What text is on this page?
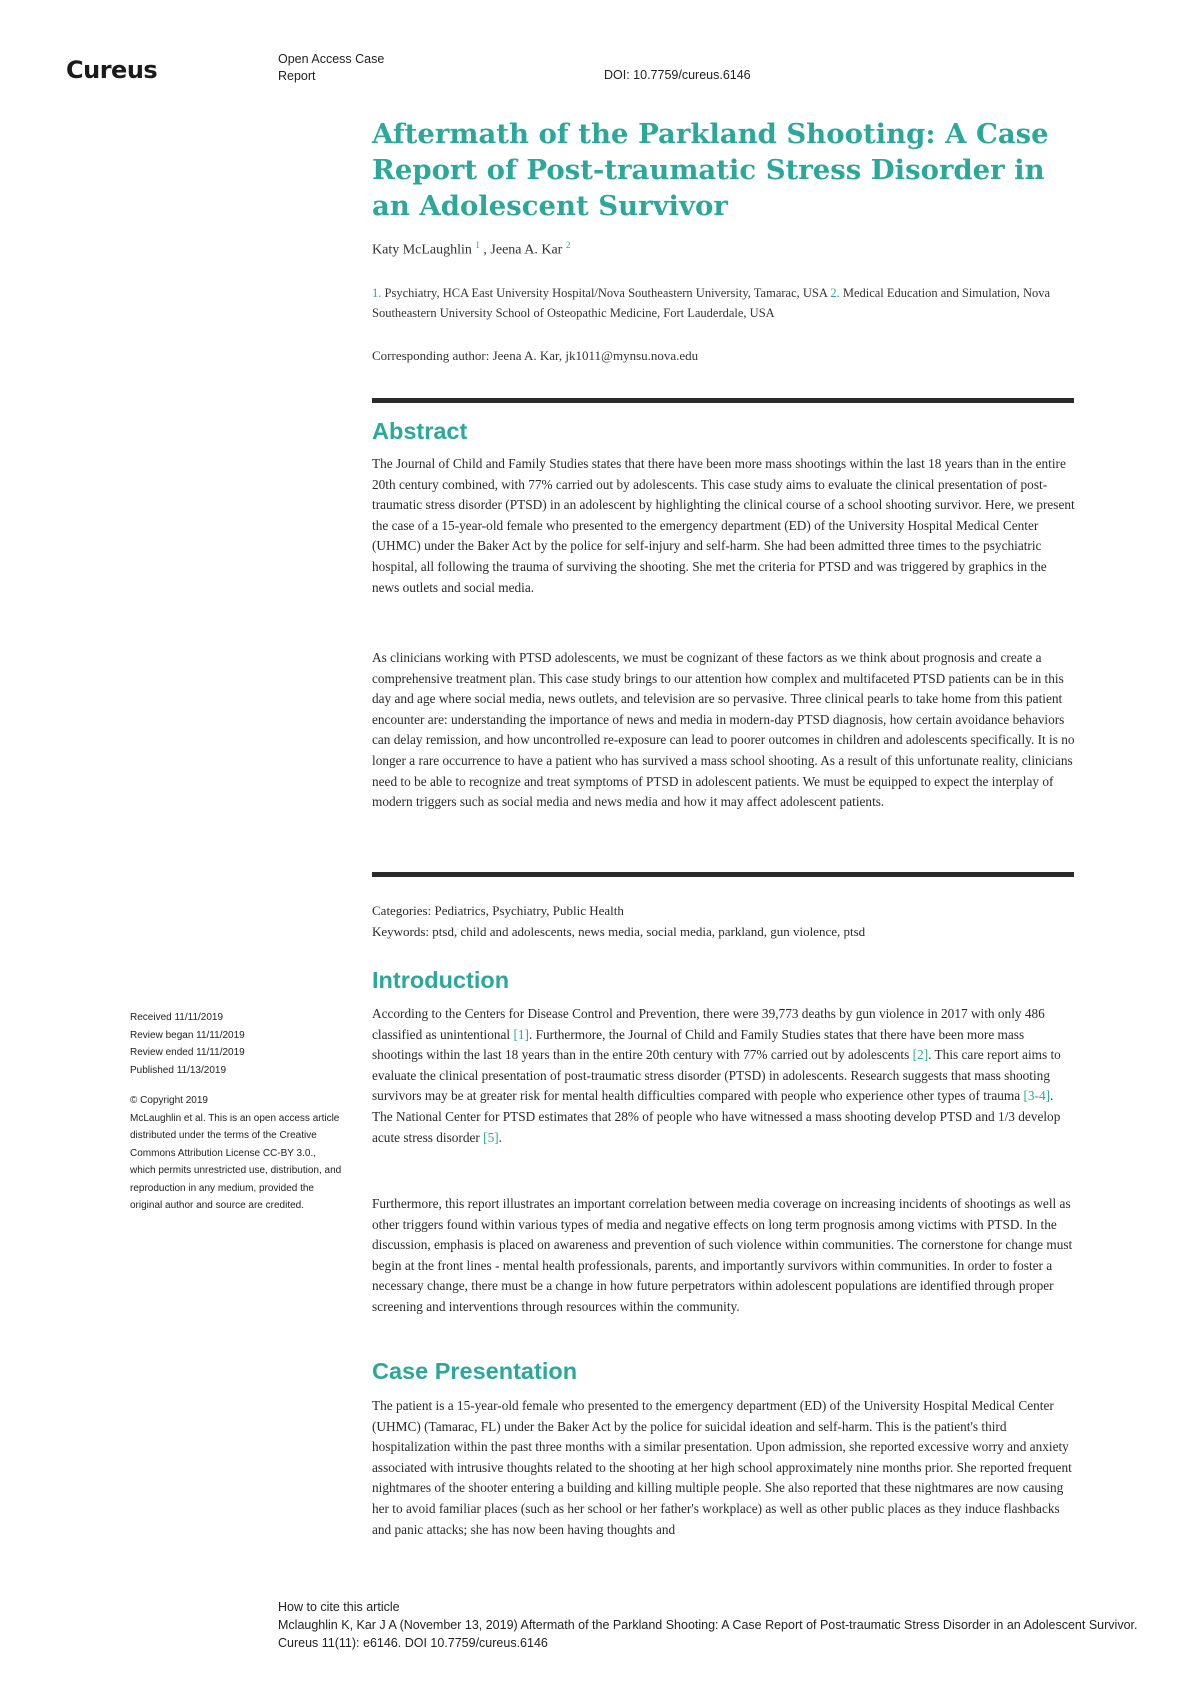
Cureus	Open Access Case Report	DOI: 10.7759/cureus.6146
Aftermath of the Parkland Shooting: A Case Report of Post-traumatic Stress Disorder in an Adolescent Survivor
Katy McLaughlin $^1$ , Jeena A. Kar $^2$
1. Psychiatry, HCA East University Hospital/Nova Southeastern University, Tamarac, USA 2. Medical Education and Simulation, Nova Southeastern University School of Osteopathic Medicine, Fort Lauderdale, USA
Corresponding author: Jeena A. Kar, jk1011@mynsu.nova.edu
Abstract

The Journal of Child and Family Studies states that there have been more mass shootings within the last 18 years than in the entire 20th century combined, with 77% carried out by adolescents. This case study aims to evaluate the clinical presentation of post-traumatic stress disorder (PTSD) in an adolescent by highlighting the clinical course of a school shooting survivor. Here, we present the case of a 15-year-old female who presented to the emergency department (ED) of the University Hospital Medical Center (UHMC) under the Baker Act by the police for self-injury and self-harm. She had been admitted three times to the psychiatric hospital, all following the trauma of surviving the shooting. She met the criteria for PTSD and was triggered by graphics in the news outlets and social media.

As clinicians working with PTSD adolescents, we must be cognizant of these factors as we think about prognosis and create a comprehensive treatment plan. This case study brings to our attention how complex and multifaceted PTSD patients can be in this day and age where social media, news outlets, and television are so pervasive. Three clinical pearls to take home from this patient encounter are: understanding the importance of news and media in modern-day PTSD diagnosis, how certain avoidance behaviors can delay remission, and how uncontrolled re-exposure can lead to poorer outcomes in children and adolescents specifically. It is no longer a rare occurrence to have a patient who has survived a mass school shooting. As a result of this unfortunate reality, clinicians need to be able to recognize and treat symptoms of PTSD in adolescent patients. We must be equipped to expect the interplay of modern triggers such as social media and news media and how it may affect adolescent patients.

Categories: Pediatrics, Psychiatry, Public Health
Keywords: ptsd, child and adolescents, news media, social media, parkland, gun violence, ptsd
Introduction

According to the Centers for Disease Control and Prevention, there were 39,773 deaths by gun violence in 2017 with only 486 classified as unintentional [1]. Furthermore, the Journal of Child and Family Studies states that there have been more mass shootings within the last 18 years than in the entire 20th century with 77% carried out by adolescents [2]. This care report aims to evaluate the clinical presentation of post-traumatic stress disorder (PTSD) in adolescents. Research suggests that mass shooting survivors may be at greater risk for mental health difficulties compared with people who experience other types of trauma [3-4]. The National Center for PTSD estimates that 28% of people who have witnessed a mass shooting develop PTSD and 1/3 develop acute stress disorder [5].

Furthermore, this report illustrates an important correlation between media coverage on increasing incidents of shootings as well as other triggers found within various types of media and negative effects on long term prognosis among victims with PTSD. In the discussion, emphasis is placed on awareness and prevention of such violence within communities. The cornerstone for change must begin at the front lines - mental health professionals, parents, and importantly survivors within communities. In order to foster a necessary change, there must be a change in how future perpetrators within adolescent populations are identified through proper screening and interventions through resources within the community.

Case Presentation

The patient is a 15-year-old female who presented to the emergency department (ED) of the University Hospital Medical Center (UHMC) (Tamarac, FL) under the Baker Act by the police for suicidal ideation and self-harm. This is the patient's third hospitalization within the past three months with a similar presentation. Upon admission, she reported excessive worry and anxiety associated with intrusive thoughts related to the shooting at her high school approximately nine months prior. She reported frequent nightmares of the shooter entering a building and killing multiple people. She also reported that these nightmares are now causing her to avoid familiar places (such as her school or her father's workplace) as well as other public places as they induce flashbacks and panic attacks; she has now been having thoughts and

Received 11/11/2019
Review began 11/11/2019
Review ended 11/11/2019
Published 11/13/2019
© Copyright 2019
McLaughlin et al. This is an open access article distributed under the terms of the Creative Commons Attribution License CC-BY 3.0., which permits unrestricted use, distribution, and reproduction in any medium, provided the original author and source are credited.
How to cite this article
Mclaughlin K, Kar J A (November 13, 2019) Aftermath of the Parkland Shooting: A Case Report of Post-traumatic Stress Disorder in an Adolescent Survivor. Cureus 11(11): e6146. DOI 10.7759/cureus.6146
